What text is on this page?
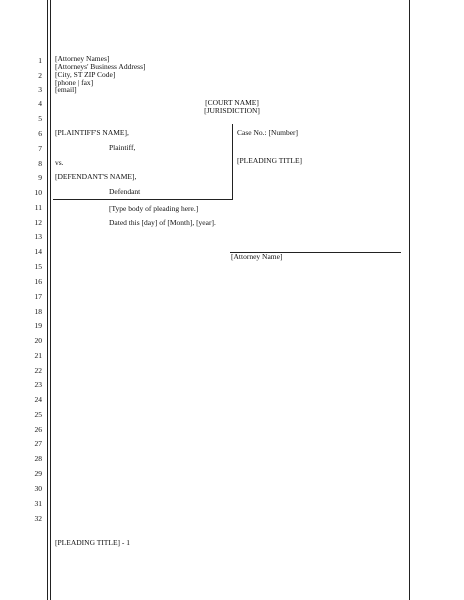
1
2
3
4
5
6
7
8
9
10
11
12
13
14
15
16
17
18
19
20
21
22
23
24
25
26
27
28
29
30
31
32
[Attorney Names]
[Attorneys' Business Address]
[City, ST ZIP Code]
[phone | fax]
[email]
[COURT NAME]
[JURISDICTION]
[PLAINTIFF'S NAME],
Plaintiff,
vs.
[DEFENDANT'S NAME],
Defendant
Case No.: [Number]
[PLEADING TITLE]
[Type body of pleading here.]
Dated this [day] of [Month], [year].
[Attorney Name]
[PLEADING TITLE] - 1
